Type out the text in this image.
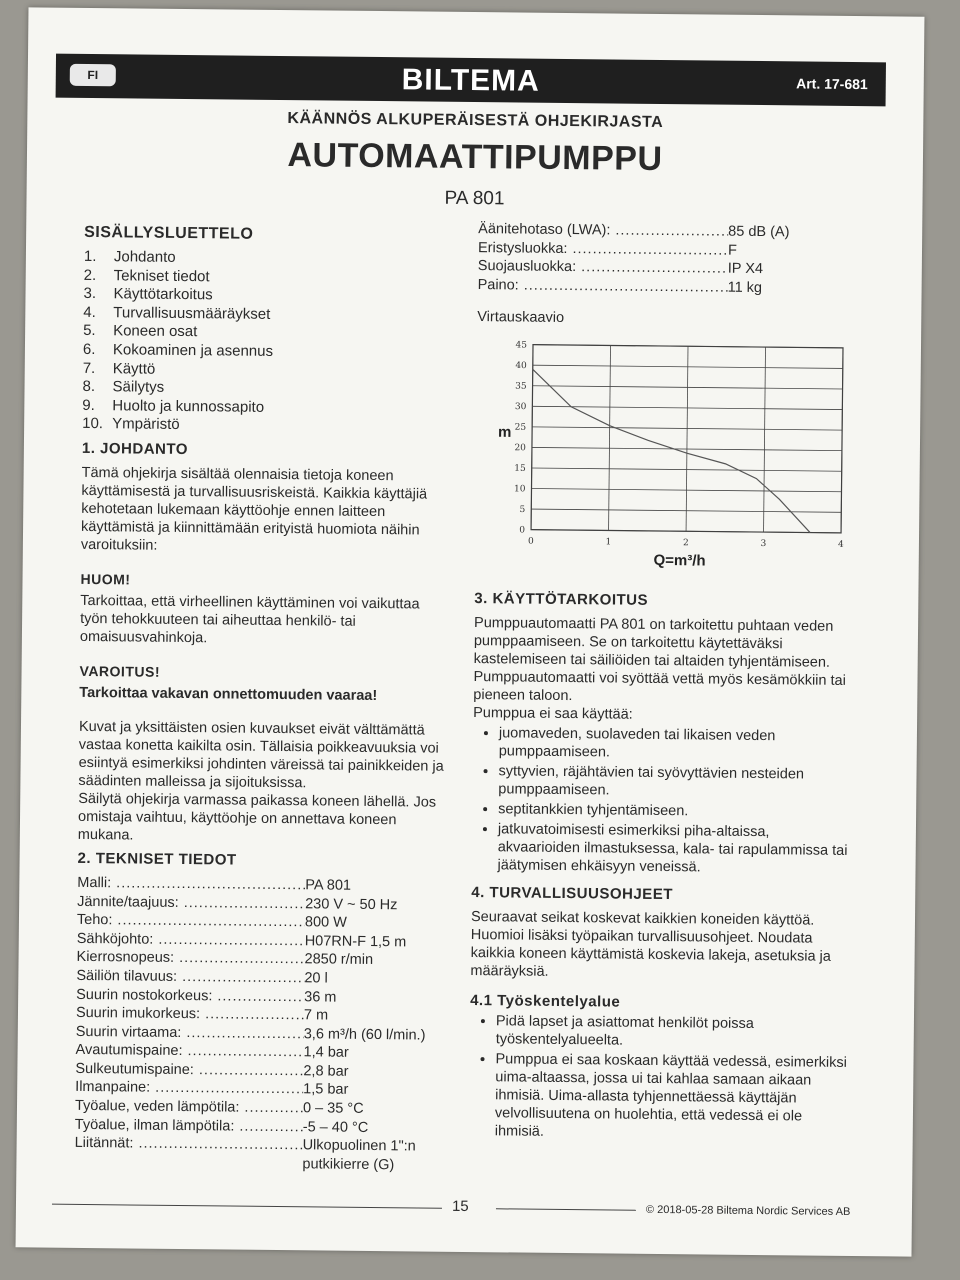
FI	BILTEMA	Art. 17-681
KÄÄNNÖS ALKUPERÄISESTÄ OHJEKIRJASTA
AUTOMAATTIPUMPPU
PA 801
SISÄLLYSLUETTELO
1.	Johdanto
2.	Tekniset tiedot
3.	Käyttötarkoitus
4.	Turvallisuusmääräykset
5.	Koneen osat
6.	Kokoaminen ja asennus
7.	Käyttö
8.	Säilytys
9.	Huolto ja kunnossapito
10. Ympäristö
1. JOHDANTO

Tämä ohjekirja sisältää olennaisia tietoja koneen käyttämisestä ja turvallisuusriskeistä. Kaikkia käyttäjiä kehotetaan lukemaan käyttöohje ennen laitteen käyttämistä ja kiinnittämään erityistä huomiota näihin varoituksiin:

HUOM!

Tarkoittaa, että virheellinen käyttäminen voi vaikuttaa työn tehokkuuteen tai aiheuttaa henkilö- tai omaisuusvahinkoja.

VAROITUS!

Tarkoittaa vakavan onnettomuuden vaaraa!

Kuvat ja yksittäisten osien kuvaukset eivät välttämättä vastaa konetta kaikilta osin. Tällaisia poikkeavuuksia voi esiintyä esimerkiksi johdinten väreissä tai painikkeiden ja säädinten malleissa ja sijoituksissa.

Säilytä ohjekirja varmassa paikassa koneen lähellä. Jos omistaja vaihtuu, käyttöohje on annettava koneen mukana.

2. TEKNISET TIEDOT
Malli: .....	PA 801
Jännite/taajuus: .....	230 V ~ 50 Hz
Teho: .....	800 W
Sähköjohto: .....	H07RN-F 1,5 m
Kierrosnopeus: .....	2850 r/min
Säiliön tilavuus: .....	20 l
Suurin nostokorkeus: .....	36 m
Suurin imukorkeus: .....	7 m
Suurin virtaama: .....	3,6 m³/h (60 l/min.)
Avautumispaine: .....	1,4 bar
Sulkeutumispaine: .....	2,8 bar
Ilmanpaine: .....	1,5 bar
Työalue, veden lämpötila: .....	0 – 35 °C
Työalue, ilman lämpötila: .....	-5 – 40 °C
Liitännät: .....	Ulkopuolinen 1":n putkikierre (G)
Äänitehotaso (LWA): .....	85 dB (A)
Eristysluokka: .....	F
Suojausluokka: .....	IP X4
Paino: .....	11 kg
Virtauskaavio
0
5
10
15
20
25
30
35
40
45
0	1	2	3	4
m
Q=m³/h
3. KÄYTTÖTARKOITUS

Pumppuautomaatti PA 801 on tarkoitettu puhtaan veden pumppaamiseen. Se on tarkoitettu käytettäväksi kastelemiseen tai säiliöiden tai altaiden tyhjentämiseen.

Pumppuautomaatti voi syöttää vettä myös kesämökkiin tai pieneen taloon.

Pumppua ei saa käyttää:

• juomaveden, suolaveden tai likaisen veden pumppaamiseen.
• syttyvien, räjähtävien tai syövyttävien nesteiden pumppaamiseen.
• septitankkien tyhjentämiseen.
• jatkuvatoimisesti esimerkiksi piha-altaissa, akvaarioiden ilmastuksessa, kala- tai rapulammissa tai jäätymisen ehkäisyyn veneissä.
4. TURVALLISUUSOHJEET

Seuraavat seikat koskevat kaikkien koneiden käyttöä. Huomioi lisäksi työpaikan turvallisuusohjeet. Noudata kaikkia koneen käyttämistä koskevia lakeja, asetuksia ja määräyksiä.

4.1 Työskentelyalue
• Pidä lapset ja asiattomat henkilöt poissa työskentelyalueelta.
• Pumppua ei saa koskaan käyttää vedessä, esimerkiksi uima-altaassa, jossa ui tai kahlaa samaan aikaan ihmisiä. Uima-allasta tyhjennettäessä käyttäjän velvollisuutena on huolehtia, että vedessä ei ole ihmisiä.
15	© 2018-05-28 Biltema Nordic Services AB
